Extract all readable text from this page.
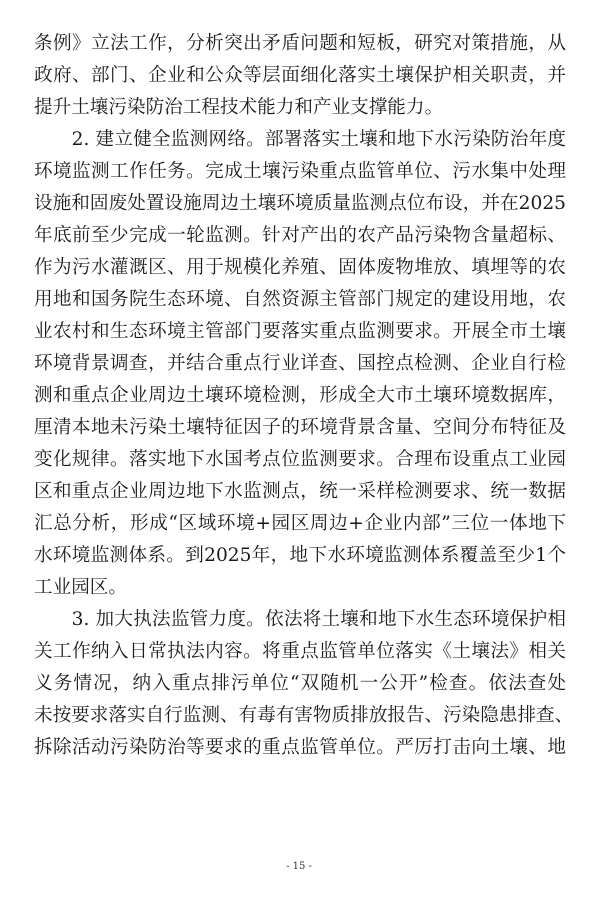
条例》立法工作，分析突出矛盾问题和短板，研究对策措施，从
政府、部门、企业和公众等层面细化落实土壤保护相关职责，并
提升土壤污染防治工程技术能力和产业支撑能力。
　　2. 建立健全监测网络。部署落实土壤和地下水污染防治年度
环境监测工作任务。完成土壤污染重点监管单位、污水集中处理
设施和固废处置设施周边土壤环境质量监测点位布设，并在2025
年底前至少完成一轮监测。针对产出的农产品污染物含量超标、
作为污水灌溉区、用于规模化养殖、固体废物堆放、填埋等的农
用地和国务院生态环境、自然资源主管部门规定的建设用地，农
业农村和生态环境主管部门要落实重点监测要求。开展全市土壤
环境背景调查，并结合重点行业详查、国控点检测、企业自行检
测和重点企业周边土壤环境检测，形成全大市土壤环境数据库，
厘清本地未污染土壤特征因子的环境背景含量、空间分布特征及
变化规律。落实地下水国考点位监测要求。合理布设重点工业园
区和重点企业周边地下水监测点，统一采样检测要求、统一数据
汇总分析，形成“区域环境+园区周边+企业内部”三位一体地下
水环境监测体系。到2025年，地下水环境监测体系覆盖至少1个
工业园区。
　　3. 加大执法监管力度。依法将土壤和地下水生态环境保护相
关工作纳入日常执法内容。将重点监管单位落实《土壤法》相关
义务情况，纳入重点排污单位“双随机一公开”检查。依法查处
未按要求落实自行监测、有毒有害物质排放报告、污染隐患排查、
拆除活动污染防治等要求的重点监管单位。严厉打击向土壤、地
- 15 -
